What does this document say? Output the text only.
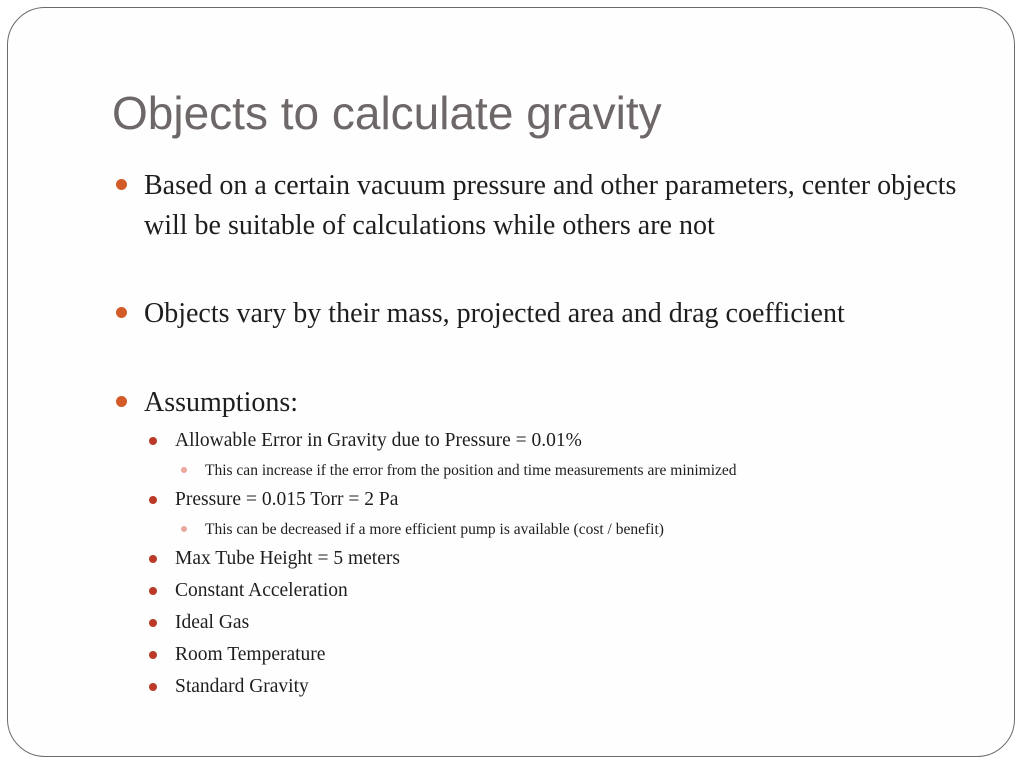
Objects to calculate gravity
Based on a certain vacuum pressure and other parameters, center objects will be suitable of calculations while others are not
Objects vary by their mass, projected area and drag coefficient
Assumptions:
Allowable Error in Gravity due to Pressure = 0.01%
This can increase if the error from the position and time measurements are minimized
Pressure = 0.015 Torr = 2 Pa
This can be decreased if a more efficient pump is available (cost / benefit)
Max Tube Height = 5 meters
Constant Acceleration
Ideal Gas
Room Temperature
Standard Gravity
